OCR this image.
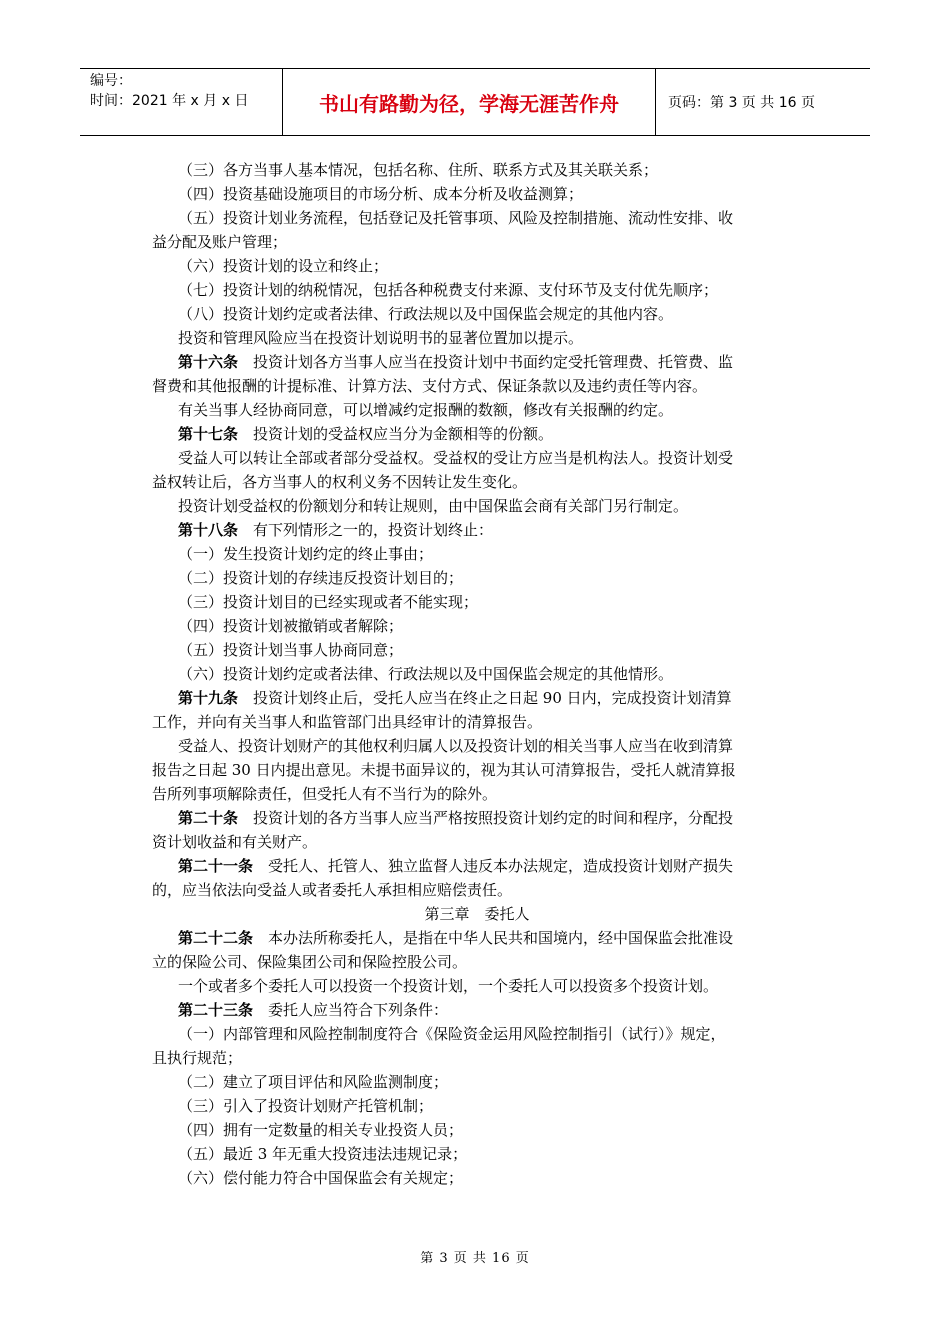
编号：
时间：2021 年 x 月 x 日	书山有路勤为径，学海无涯苦作舟	页码：第 3 页 共 16 页

（三）各方当事人基本情况，包括名称、住所、联系方式及其关联关系；

（四）投资基础设施项目的市场分析、成本分析及收益测算；

（五）投资计划业务流程，包括登记及托管事项、风险及控制措施、流动性安排、收

益分配及账户管理；

（六）投资计划的设立和终止；

（七）投资计划的纳税情况，包括各种税费支付来源、支付环节及支付优先顺序；

（八）投资计划约定或者法律、行政法规以及中国保监会规定的其他内容。

投资和管理风险应当在投资计划说明书的显著位置加以提示。

第十六条　投资计划各方当事人应当在投资计划中书面约定受托管理费、托管费、监

督费和其他报酬的计提标准、计算方法、支付方式、保证条款以及违约责任等内容。

有关当事人经协商同意，可以增减约定报酬的数额，修改有关报酬的约定。

第十七条　投资计划的受益权应当分为金额相等的份额。

受益人可以转让全部或者部分受益权。受益权的受让方应当是机构法人。投资计划受

益权转让后，各方当事人的权利义务不因转让发生变化。

投资计划受益权的份额划分和转让规则，由中国保监会商有关部门另行制定。

第十八条　有下列情形之一的，投资计划终止：

（一）发生投资计划约定的终止事由；

（二）投资计划的存续违反投资计划目的；

（三）投资计划目的已经实现或者不能实现；

（四）投资计划被撤销或者解除；

（五）投资计划当事人协商同意；

（六）投资计划约定或者法律、行政法规以及中国保监会规定的其他情形。

第十九条　投资计划终止后，受托人应当在终止之日起 90 日内，完成投资计划清算

工作，并向有关当事人和监管部门出具经审计的清算报告。

受益人、投资计划财产的其他权利归属人以及投资计划的相关当事人应当在收到清算

报告之日起 30 日内提出意见。未提书面异议的，视为其认可清算报告，受托人就清算报

告所列事项解除责任，但受托人有不当行为的除外。

第二十条　投资计划的各方当事人应当严格按照投资计划约定的时间和程序，分配投

资计划收益和有关财产。

第二十一条　受托人、托管人、独立监督人违反本办法规定，造成投资计划财产损失

的，应当依法向受益人或者委托人承担相应赔偿责任。

第三章　委托人

第二十二条　本办法所称委托人，是指在中华人民共和国境内，经中国保监会批准设

立的保险公司、保险集团公司和保险控股公司。

一个或者多个委托人可以投资一个投资计划，一个委托人可以投资多个投资计划。

第二十三条　委托人应当符合下列条件：

（一）内部管理和风险控制制度符合《保险资金运用风险控制指引（试行）》规定，

且执行规范；

（二）建立了项目评估和风险监测制度；

（三）引入了投资计划财产托管机制；

（四）拥有一定数量的相关专业投资人员；

（五）最近 3 年无重大投资违法违规记录；

（六）偿付能力符合中国保监会有关规定；

第 3 页 共 16 页
